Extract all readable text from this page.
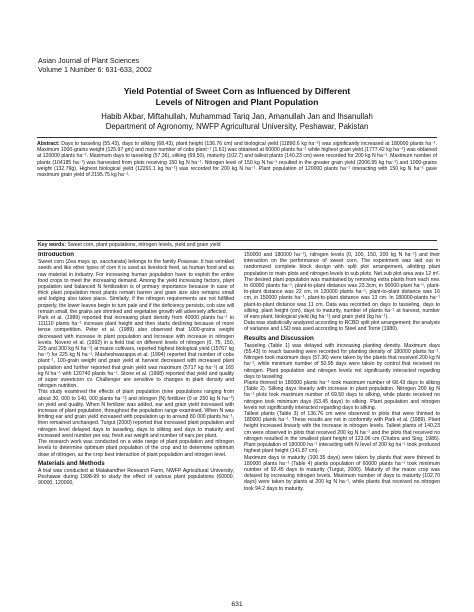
Asian Journal of Plant Sciences
Volume 1 Number 6: 631-633, 2002
Yield Potential of Sweet Corn as Influenced by Different
Levels of Nitrogen and Plant Population
Habib Akbar, Miftahullah, Muhammad Tariq Jan, Amanullah Jan and Ihsanullah
Department of Agronomy, NWFP Agricultural University, Peshawar, Pakistan
Abstract: Days to tasseling (55.43), days to silking (68.43), plant height (136.76 cm) and biological yield (11890.6 kg ha⁻¹) was significantly increased at 180000 plants ha⁻¹. Maximum 1000-grains weight (125.97 gm) and more number of cobs plant⁻¹ (1.61) was obtained at 60000 plants ha⁻¹ while highest grain yield (1777.42 kg ha⁻¹) was obtained at 120000 plants ha⁻¹. Maximum days to tasseling (57.36), silking (69.50), maturity (102.7) and tallest plants (140.23 cm) were recorded for 200 kg N ha⁻¹. Maximum number of plants (104185 ha⁻¹) was harvested from plots receiving 150 kg N ha⁻¹. Nitrogen level of 150 kg N ha⁻¹ resulted in the greater grain yield (2006.95 kg ha⁻¹) and 1000-grains weight (132.79g). Highest biological yield (12291.1 kg ha⁻¹) was recorded for 200 kg N ha⁻¹. Plant population of 120000 plants ha⁻¹ interacting with 150 kg N ha⁻¹ gave maximum grain yield of 2195.75 kg ha⁻¹.
Key words: Sweet corn, plant populations, nitrogen levels, yield and grain yield
Introduction

Sweet corn (Zea mays sp. saccharata) belongs to the family Poaceae. It has wrinkled seeds and like other types of corn it is used as livestock feed, as human food and as raw material in industry. For increasing human population have to exploit the entire food crops to meet the increasing demand. Among the yield increasing factors, plant population and balanced N fertilization is of primary importance because in case of thick plant population most plants remain barren and grain size also remains small and lodging also takes place. Similarly, if the nitrogen requirements are not fulfilled properly, the lower leaves begin to turn pale and if the deficiency persists, cob size will remain small, the grains are shrinked and vegetative growth will adversely affected.

Park et al. (1989) reported that increasing plant density from 40000 plants ha⁻¹ to 111110 plants ha⁻¹ increase plant height and then starts declining because of more tense competition. Peter et al. (1989) also observed that 1000-grains weight decreased with increase in plant population and increase with increase in nitrogen levels. Novero et al. (1992) in a field trial on different levels of nitrogen (0, 75, 150, 225 and 300 kg N ha⁻¹) at maize cultivars, reported highest biological yield (15767 kg ha⁻¹) for 225 kg N ha⁻¹. Masheshwarappa et al. (1994) reported that number of cobs plant⁻¹, 100-grain weight and grain yield at harvest decreased with increased plant population and further reported that grain yield was maximum (5717 kg ha⁻¹) at 165 kg N ha⁻¹ with 120740 plants ha⁻¹. Stone et al. (1998) reported that yield and quality of super sweetcorn cv. Challenger are sensitive to changes in plant density and nitrogen nutrition.

This study examined the effects of plant population (nine populations ranging from about 30, 000 to 140, 000 plants ha⁻¹) and nitrogen (N) fertilizer (0 or 250 kg N ha⁻¹) on yield and quality. When N fertilizer was added, ear and grain yield increased with increase of plant population, throughout the population range examined. When N was limiting ear and grain yield increased with population up to around 80 000 plants ha⁻¹, then remained unchanged. Turgut (2000) reported that increased plant population and nitrogen level delayed days to tasseling, days to silking and days to maturity and increased seed number per ear, fresh ear weight and number of ears per plant.

The research work was conducted on a wide range of plant population and nitrogen levels to determine optimum plant population of the crop and to determine optimum dose of nitrogen, as the crop best interaction of plant population and nitrogen level.

Materials and Methods

A trial was conducted at Malakandher Research Farm, NWFP Agricultural University, Peshawar during 1998-99 to study the effect of various plant populations (60000, 90000, 120000,

150000 and 180000 ha⁻¹), nitrogen levels (0, 100, 150, 200 kg N ha⁻¹) and their interaction on the performance of sweet corn. The experiment was laid out in randomized complete block design with split plot arrangement, allotting plant population to main plots and nitrogen levels to sub plots. Net sub plot area was 12 m². The desired plant population was maintained by removing extra plants from each row. In 60000 plants ha⁻¹, plant-to-plant distance was 23.3cm, in 90000-plant ha⁻¹, plant-to-plant distance was 22 cm, in 120000 plants ha⁻¹, plant-to-plant distance was 16 cm, in 150000 plants ha⁻¹, plant-to-plant distance was 13 cm. In 180000-plants ha⁻¹ plant-to-plant distance was 11 cm. Data was recorded on days to tasseling, days to silking, plant height (cm), days to maturity, number of plants ha⁻¹ at harvest, number of ears plant, biological yield (kg ha⁻¹) and grain yield (kg ha⁻¹).

Data was statistically analyzed according to RCBD split plot arrangement; the analysis of variance and LSD was used according to Steel and Torrie (1980).

Results and Discussion

Tasseling (Table 1) was delayed with increasing planting density. Maximum days (55.43) to reach tasseling were recorded for planting density of 180000 plants ha⁻¹. Nitrogen took maximum days (57.36) were taken by the plants that received 200 kg N ha⁻¹, while minimum number of 50.95 days were taken by control that received no nitrogen. Plant population and nitrogen levels not significantly interacted regarding days to tasseling.

Plants thinned to 180000 plants ha⁻¹ took maximum number of 68.43 days to silking (Table 2). Silking days linearly with increase in plant population. Nitrogen 200 kg N ha⁻¹ plots took maximum number of 69.50 days to silking, while plants received no nitrogen took minimum days (63.45 days) to silking. Plant population and nitrogen levels not significantly interacted regarding days to silking.

Tallest plants (Table 3) of 136.76 cm were observed in plots that were thinned to 180000 plants ha⁻¹. These results are not in conformity with Park et al. (1989). Plant height increased linearly with the increase in nitrogen levels. Tallest plants of 140.23 cm were observed in plots that received 200 kg N ha⁻¹ and the plots that received no nitrogen resulted in the smallest plant height of 123.96 cm (Chabra and Sing, 1986). Plant population of 180000 ha⁻¹ interacting with N level of 200 kg ha⁻¹ took produced highest plant height (141.87 cm).

Maximum days to maturity (100.35 days) were taken by plants that were thinned to 180000 plants ha⁻¹ (Table 4) plants population of 60000 plants ha⁻¹ took minimum number of 92.45 days to maturity (Turgut, 2000). Maturity of the maize crop was delayed by increasing nitrogen levels. Maximum number of days to maturity (102.70 days) were taken by plants at 200 kg N ha⁻¹, while plants that received no nitrogen took 94.2 days to maturity.

631
